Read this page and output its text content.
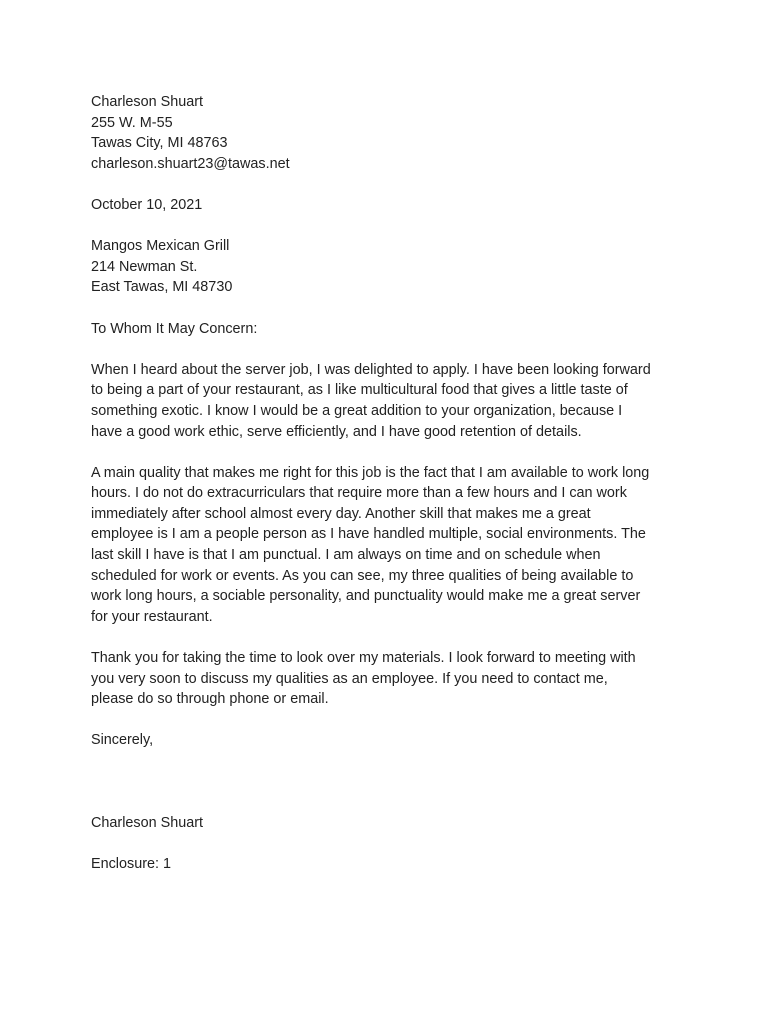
Charleson Shuart
255 W. M-55
Tawas City, MI 48763
charleson.shuart23@tawas.net
October 10, 2021
Mangos Mexican Grill
214 Newman St.
East Tawas, MI 48730
To Whom It May Concern:
When I heard about the server job, I was delighted to apply. I have been looking forward
to being a part of your restaurant, as I like multicultural food that gives a little taste of
something exotic. I know I would be a great addition to your organization, because I
have a good work ethic, serve efficiently, and I have good retention of details.
A main quality that makes me right for this job is the fact that I am available to work long
hours. I do not do extracurriculars that require more than a few hours and I can work
immediately after school almost every day. Another skill that makes me a great
employee is I am a people person as I have handled multiple, social environments. The
last skill I have is that I am punctual. I am always on time and on schedule when
scheduled for work or events. As you can see, my three qualities of being available to
work long hours, a sociable personality, and punctuality would make me a great server
for your restaurant.
Thank you for taking the time to look over my materials. I look forward to meeting with
you very soon to discuss my qualities as an employee. If you need to contact me,
please do so through phone or email.
Sincerely,
Charleson Shuart
Enclosure: 1
